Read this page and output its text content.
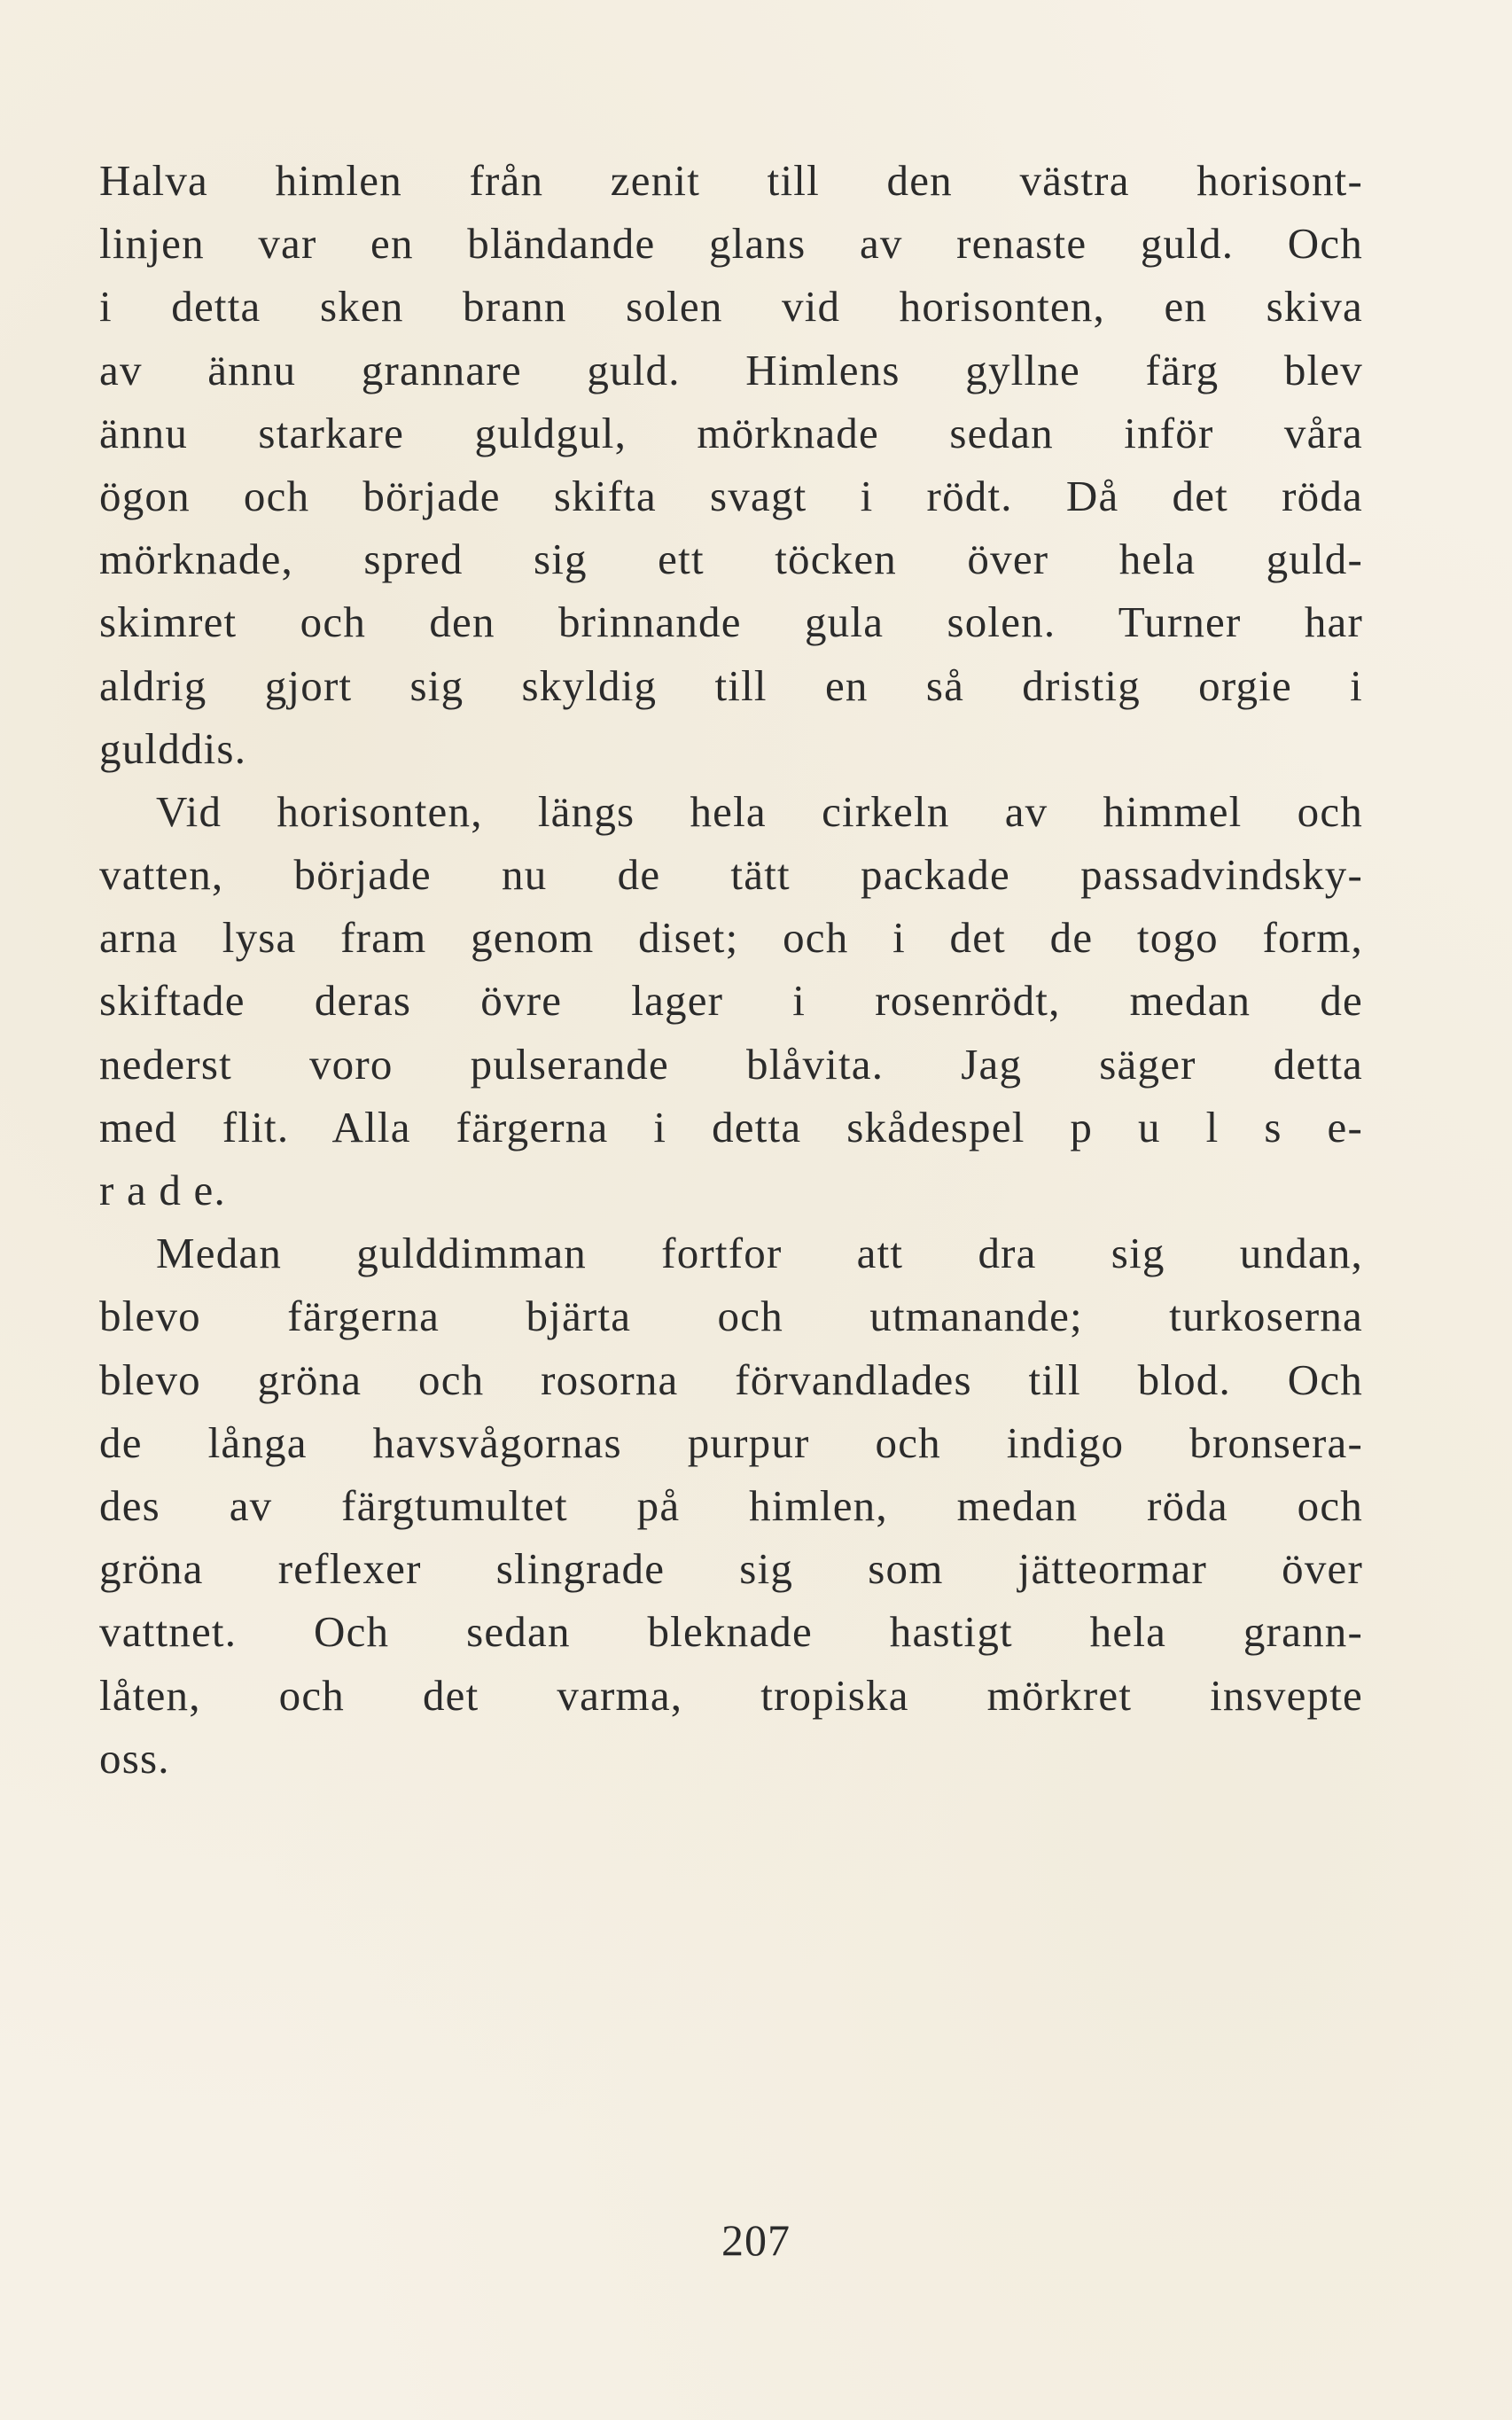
Halva himlen från zenit till den västra horisont-
linjen var en bländande glans av renaste guld. Och
i detta sken brann solen vid horisonten, en skiva
av ännu grannare guld. Himlens gyllne färg blev
ännu starkare guldgul, mörknade sedan inför våra
ögon och började skifta svagt i rödt. Då det röda
mörknade, spred sig ett töcken över hela guld-
skimret och den brinnande gula solen. Turner har
aldrig gjort sig skyldig till en så dristig orgie i
gulddis.
Vid horisonten, längs hela cirkeln av himmel och
vatten, började nu de tätt packade passadvindsky-
arna lysa fram genom diset; och i det de togo form,
skiftade deras övre lager i rosenrödt, medan de
nederst voro pulserande blåvita. Jag säger detta
med flit. Alla färgerna i detta skådespel p u l s e-
r a d e.
Medan gulddimman fortfor att dra sig undan,
blevo färgerna bjärta och utmanande; turkoserna
blevo gröna och rosorna förvandlades till blod. Och
de långa havsvågornas purpur och indigo bronsera-
des av färgtumultet på himlen, medan röda och
gröna reflexer slingrade sig som jätteormar över
vattnet. Och sedan bleknade hastigt hela grann-
låten, och det varma, tropiska mörkret insvepte
oss.
207
